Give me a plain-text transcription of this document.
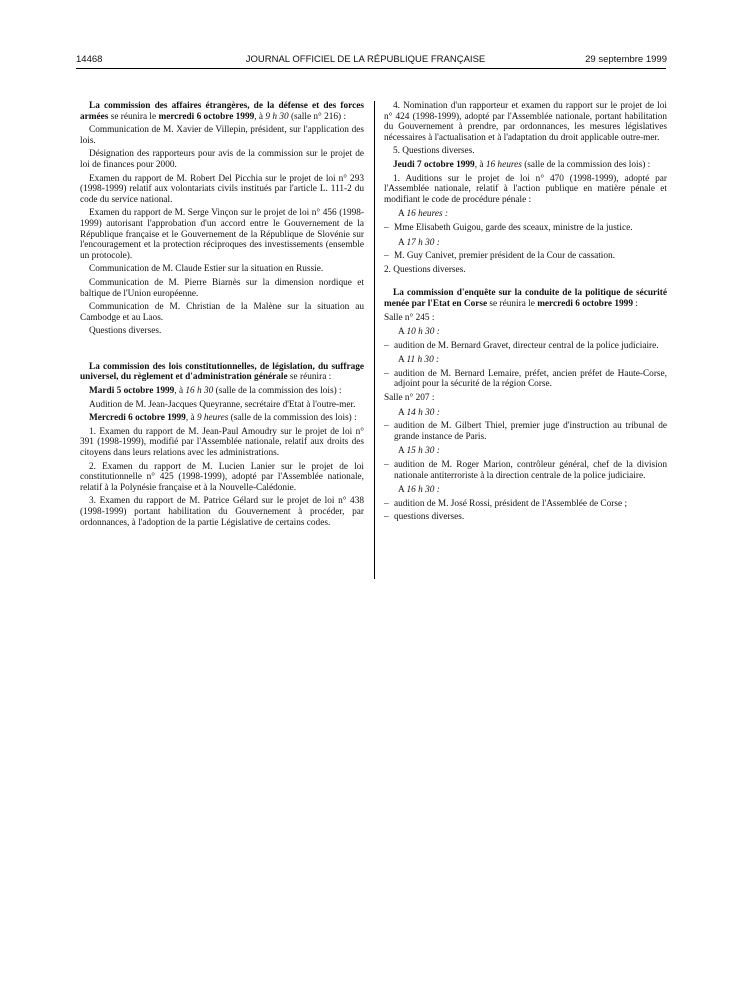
14468	JOURNAL OFFICIEL DE LA RÉPUBLIQUE FRANÇAISE	29 septembre 1999

La commission des affaires étrangères, de la défense et des forces armées se réunira le mercredi 6 octobre 1999, à 9 h 30 (salle n° 216) :

Communication de M. Xavier de Villepin, président, sur l'application des lois.

Désignation des rapporteurs pour avis de la commission sur le projet de loi de finances pour 2000.

Examen du rapport de M. Robert Del Picchia sur le projet de loi n° 293 (1998-1999) relatif aux volontariats civils institués par l'article L. 111-2 du code du service national.

Examen du rapport de M. Serge Vinçon sur le projet de loi n° 456 (1998-1999) autorisant l'approbation d'un accord entre le Gouvernement de la République française et le Gouvernement de la République de Slovénie sur l'encouragement et la protection réciproques des investissements (ensemble un protocole).

Communication de M. Claude Estier sur la situation en Russie.

Communication de M. Pierre Biarnès sur la dimension nordique et baltique de l'Union européenne.

Communication de M. Christian de la Malène sur la situation au Cambodge et au Laos.

Questions diverses.

La commission des lois constitutionnelles, de législation, du suffrage universel, du règlement et d'administration générale se réunira :

Mardi 5 octobre 1999, à 16 h 30 (salle de la commission des lois) :

Audition de M. Jean-Jacques Queyranne, secrétaire d'Etat à l'outre-mer.

Mercredi 6 octobre 1999, à 9 heures (salle de la commission des lois) :

1. Examen du rapport de M. Jean-Paul Amoudry sur le projet de loi n° 391 (1998-1999), modifié par l'Assemblée nationale, relatif aux droits des citoyens dans leurs relations avec les administrations.

2. Examen du rapport de M. Lucien Lanier sur le projet de loi constitutionnelle n° 425 (1998-1999), adopté par l'Assemblée nationale, relatif à la Polynésie française et à la Nouvelle-Calédonie.

3. Examen du rapport de M. Patrice Gélard sur le projet de loi n° 438 (1998-1999) portant habilitation du Gouvernement à procéder, par ordonnances, à l'adoption de la partie Législative de certains codes.

4. Nomination d'un rapporteur et examen du rapport sur le projet de loi n° 424 (1998-1999), adopté par l'Assemblée nationale, portant habilitation du Gouvernement à prendre, par ordonnances, les mesures législatives nécessaires à l'actualisation et à l'adaptation du droit applicable outre-mer.

5. Questions diverses.

Jeudi 7 octobre 1999, à 16 heures (salle de la commission des lois) :

1. Auditions sur le projet de loi n° 470 (1998-1999), adopté par l'Assemblée nationale, relatif à l'action publique en matière pénale et modifiant le code de procédure pénale :

A 16 heures :

– Mme Elisabeth Guigou, garde des sceaux, ministre de la justice.

A 17 h 30 :

– M. Guy Canivet, premier président de la Cour de cassation.

2. Questions diverses.

La commission d'enquête sur la conduite de la politique de sécurité menée par l'Etat en Corse se réunira le mercredi 6 octobre 1999 :

Salle n° 245 :

A 10 h 30 :

– audition de M. Bernard Gravet, directeur central de la police judiciaire.

A 11 h 30 :

– audition de M. Bernard Lemaire, préfet, ancien préfet de Haute-Corse, adjoint pour la sécurité de la région Corse.

Salle n° 207 :

A 14 h 30 :

– audition de M. Gilbert Thiel, premier juge d'instruction au tribunal de grande instance de Paris.

A 15 h 30 :

– audition de M. Roger Marion, contrôleur général, chef de la division nationale antiterroriste à la direction centrale de la police judiciaire.

A 16 h 30 :

– audition de M. José Rossi, président de l'Assemblée de Corse ;

– questions diverses.
